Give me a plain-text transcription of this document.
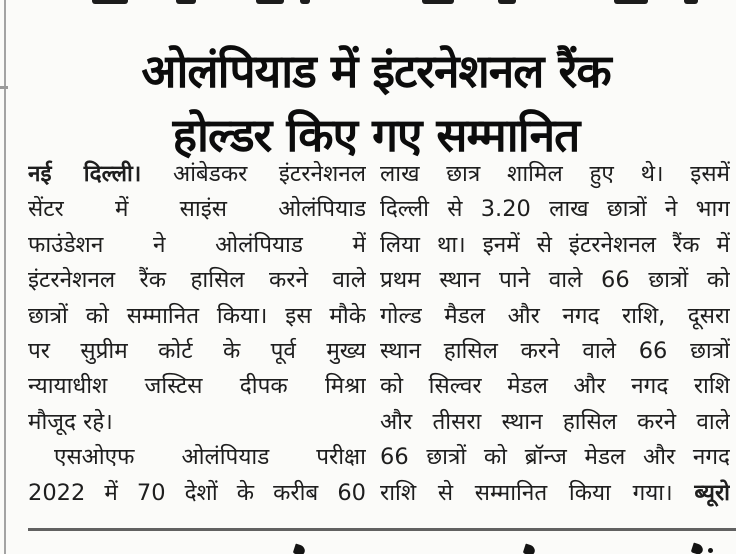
ओलंपियाड में इंटरनेशनल रैंक
होल्डर किए गए सम्मानित
नई दिल्ली। आंबेडकर इंटरनेशनल
सेंटर में साइंस ओलंपियाड
फाउंडेशन ने ओलंपियाड में
इंटरनेशनल रैंक हासिल करने वाले
छात्रों को सम्मानित किया। इस मौके
पर सुप्रीम कोर्ट के पूर्व मुख्य
न्यायाधीश जस्टिस दीपक मिश्रा
मौजूद रहे।
एसओएफ ओलंपियाड परीक्षा
2022 में 70 देशों के करीब 60
लाख छात्र शामिल हुए थे। इसमें
दिल्ली से 3.20 लाख छात्रों ने भाग
लिया था। इनमें से इंटरनेशनल रैंक में
प्रथम स्थान पाने वाले 66 छात्रों को
गोल्ड मैडल और नगद राशि, दूसरा
स्थान हासिल करने वाले 66 छात्रों
को सिल्वर मेडल और नगद राशि
और तीसरा स्थान हासिल करने वाले
66 छात्रों को ब्रॉन्ज मेडल और नगद
राशि से सम्मानित किया गया। ब्यूरो
